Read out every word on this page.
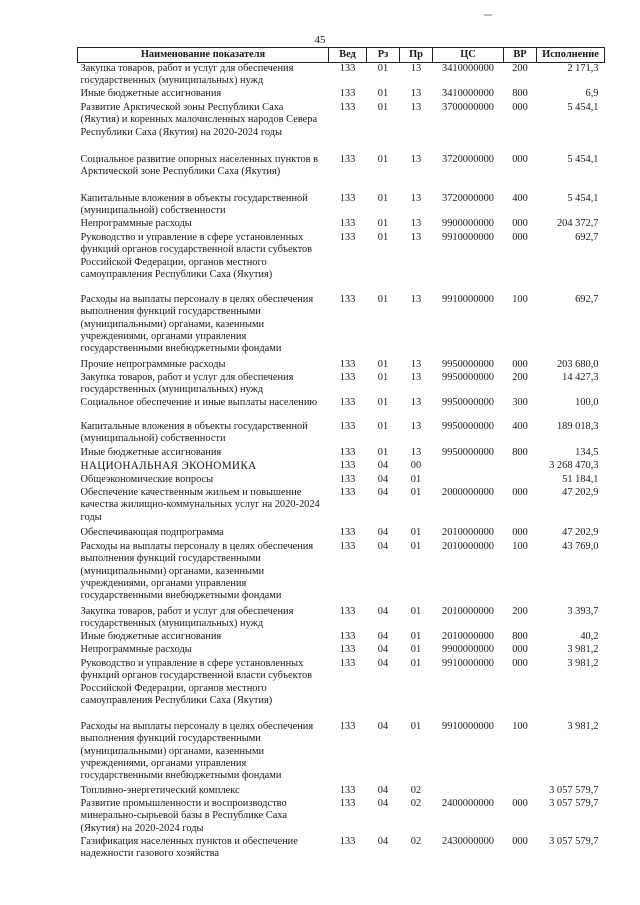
45
Наименование показателя	Вед	Рз	Пр	ЦС	ВР	Исполнение
Закупка товаров, работ и услуг для обеспечения государственных (муниципальных) нужд	133	01	13	3410000000	200	2 171,3
Иные бюджетные ассигнования	133	01	13	3410000000	800	6,9
Развитие Арктической зоны Республики Саха (Якутия) и коренных малочисленных народов Севера Республики Саха (Якутия) на 2020-2024 годы	133	01	13	3700000000	000	5 454,1
Социальное развитие опорных населенных пунктов в Арктической зоне Республики Саха (Якутия)	133	01	13	3720000000	000	5 454,1
Капитальные вложения в объекты государственной (муниципальной) собственности	133	01	13	3720000000	400	5 454,1
Непрограммные расходы	133	01	13	9900000000	000	204 372,7
Руководство и управление в сфере установленных функций органов государственной власти субъектов Российской Федерации, органов местного самоуправления Республики Саха (Якутия)	133	01	13	9910000000	000	692,7
Расходы на выплаты персоналу в целях обеспечения выполнения функций государственными (муниципальными) органами, казенными учреждениями, органами управления государственными внебюджетными фондами	133	01	13	9910000000	100	692,7
Прочие непрограммные расходы	133	01	13	9950000000	000	203 680,0
Закупка товаров, работ и услуг для обеспечения государственных (муниципальных) нужд	133	01	13	9950000000	200	14 427,3
Социальное обеспечение и иные выплаты населению	133	01	13	9950000000	300	100,0
Капитальные вложения в объекты государственной (муниципальной) собственности	133	01	13	9950000000	400	189 018,3
Иные бюджетные ассигнования	133	01	13	9950000000	800	134,5
НАЦИОНАЛЬНАЯ ЭКОНОМИКА	133	04	00			3 268 470,3
Общеэкономические вопросы	133	04	01			51 184,1
Обеспечение качественным жильем и повышение качества жилищно-коммунальных услуг на 2020-2024 годы	133	04	01	2000000000	000	47 202,9
Обеспечивающая подпрограмма	133	04	01	2010000000	000	47 202,9
Расходы на выплаты персоналу в целях обеспечения выполнения функций государственными (муниципальными) органами, казенными учреждениями, органами управления государственными внебюджетными фондами	133	04	01	2010000000	100	43 769,0
Закупка товаров, работ и услуг для обеспечения государственных (муниципальных) нужд	133	04	01	2010000000	200	3 393,7
Иные бюджетные ассигнования	133	04	01	2010000000	800	40,2
Непрограммные расходы	133	04	01	9900000000	000	3 981,2
Руководство и управление в сфере установленных функций органов государственной власти субъектов Российской Федерации, органов местного самоуправления Республики Саха (Якутия)	133	04	01	9910000000	000	3 981,2
Расходы на выплаты персоналу в целях обеспечения выполнения функций государственными (муниципальными) органами, казенными учреждениями, органами управления государственными внебюджетными фондами	133	04	01	9910000000	100	3 981,2
Топливно-энергетический комплекс	133	04	02			3 057 579,7
Развитие промышленности и воспроизводство минерально-сырьевой базы в Республике Саха (Якутия) на 2020-2024 годы	133	04	02	2400000000	000	3 057 579,7
Газификация населенных пунктов и обеспечение надежности газового хозяйства	133	04	02	2430000000	000	3 057 579,7
